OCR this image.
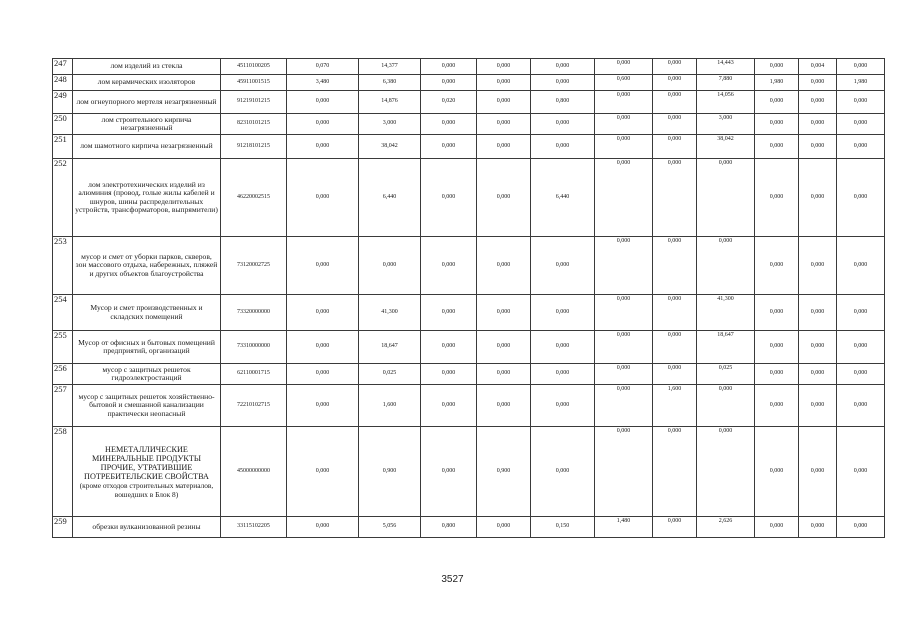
247	лом изделий из стекла	45110100205	0,070	14,377	0,000	0,000	0,000	0,000	0,000	14,443	0,000	0,004	0,000
248	лом керамических изоляторов	45911001515	3,480	6,380	0,000	0,000	0,000	0,600	0,000	7,880	1,980	0,000	1,980
249	лом огнеупорного мертеля незагрязненный	91219101215	0,000	14,876	0,020	0,000	0,800	0,000	0,000	14,056	0,000	0,000	0,000
250	лом строительного кирпича незагрязненный	82310101215	0,000	3,000	0,000	0,000	0,000	0,000	0,000	3,000	0,000	0,000	0,000
251	лом шамотного кирпича незагрязненный	91218101215	0,000	38,042	0,000	0,000	0,000	0,000	0,000	38,042	0,000	0,000	0,000
252	лом электротехнических изделий из алюминия (провод, голые жилы кабелей и шнуров, шины распределительных устройств, трансформаторов, выпрямители)	46220002515	0,000	6,440	0,000	0,000	6,440	0,000	0,000	0,000	0,000	0,000	0,000
253	мусор и смет от уборки парков, скверов, зон массового отдыха, набережных, пляжей и других объектов благоустройства	73120002725	0,000	0,000	0,000	0,000	0,000	0,000	0,000	0,000	0,000	0,000	0,000
254	Мусор и смет производственных и складских помещений	73320000000	0,000	41,300	0,000	0,000	0,000	0,000	0,000	41,300	0,000	0,000	0,000
255	Мусор от офисных и бытовых помещений предприятий, организаций	73310000000	0,000	18,647	0,000	0,000	0,000	0,000	0,000	18,647	0,000	0,000	0,000
256	мусор с защитных решеток гидроэлектростанций	62110001715	0,000	0,025	0,000	0,000	0,000	0,000	0,000	0,025	0,000	0,000	0,000
257	мусор с защитных решеток хозяйственно-бытовой и смешанной канализации практически неопасный	72210102715	0,000	1,600	0,000	0,000	0,000	0,000	1,600	0,000	0,000	0,000	0,000
258	НЕМЕТАЛЛИЧЕСКИЕ МИНЕРАЛЬНЫЕ ПРОДУКТЫ ПРОЧИЕ, УТРАТИВШИЕ ПОТРЕБИТЕЛЬСКИЕ СВОЙСТВА (кроме отходов строительных материалов, вошедших в Блок 8)	45000000000	0,000	0,900	0,000	0,900	0,000	0,000	0,000	0,000	0,000	0,000	0,000
259	обрезки вулканизованной резины	33115102205	0,000	5,056	0,800	0,000	0,150	1,480	0,000	2,626	0,000	0,000	0,000
3527
